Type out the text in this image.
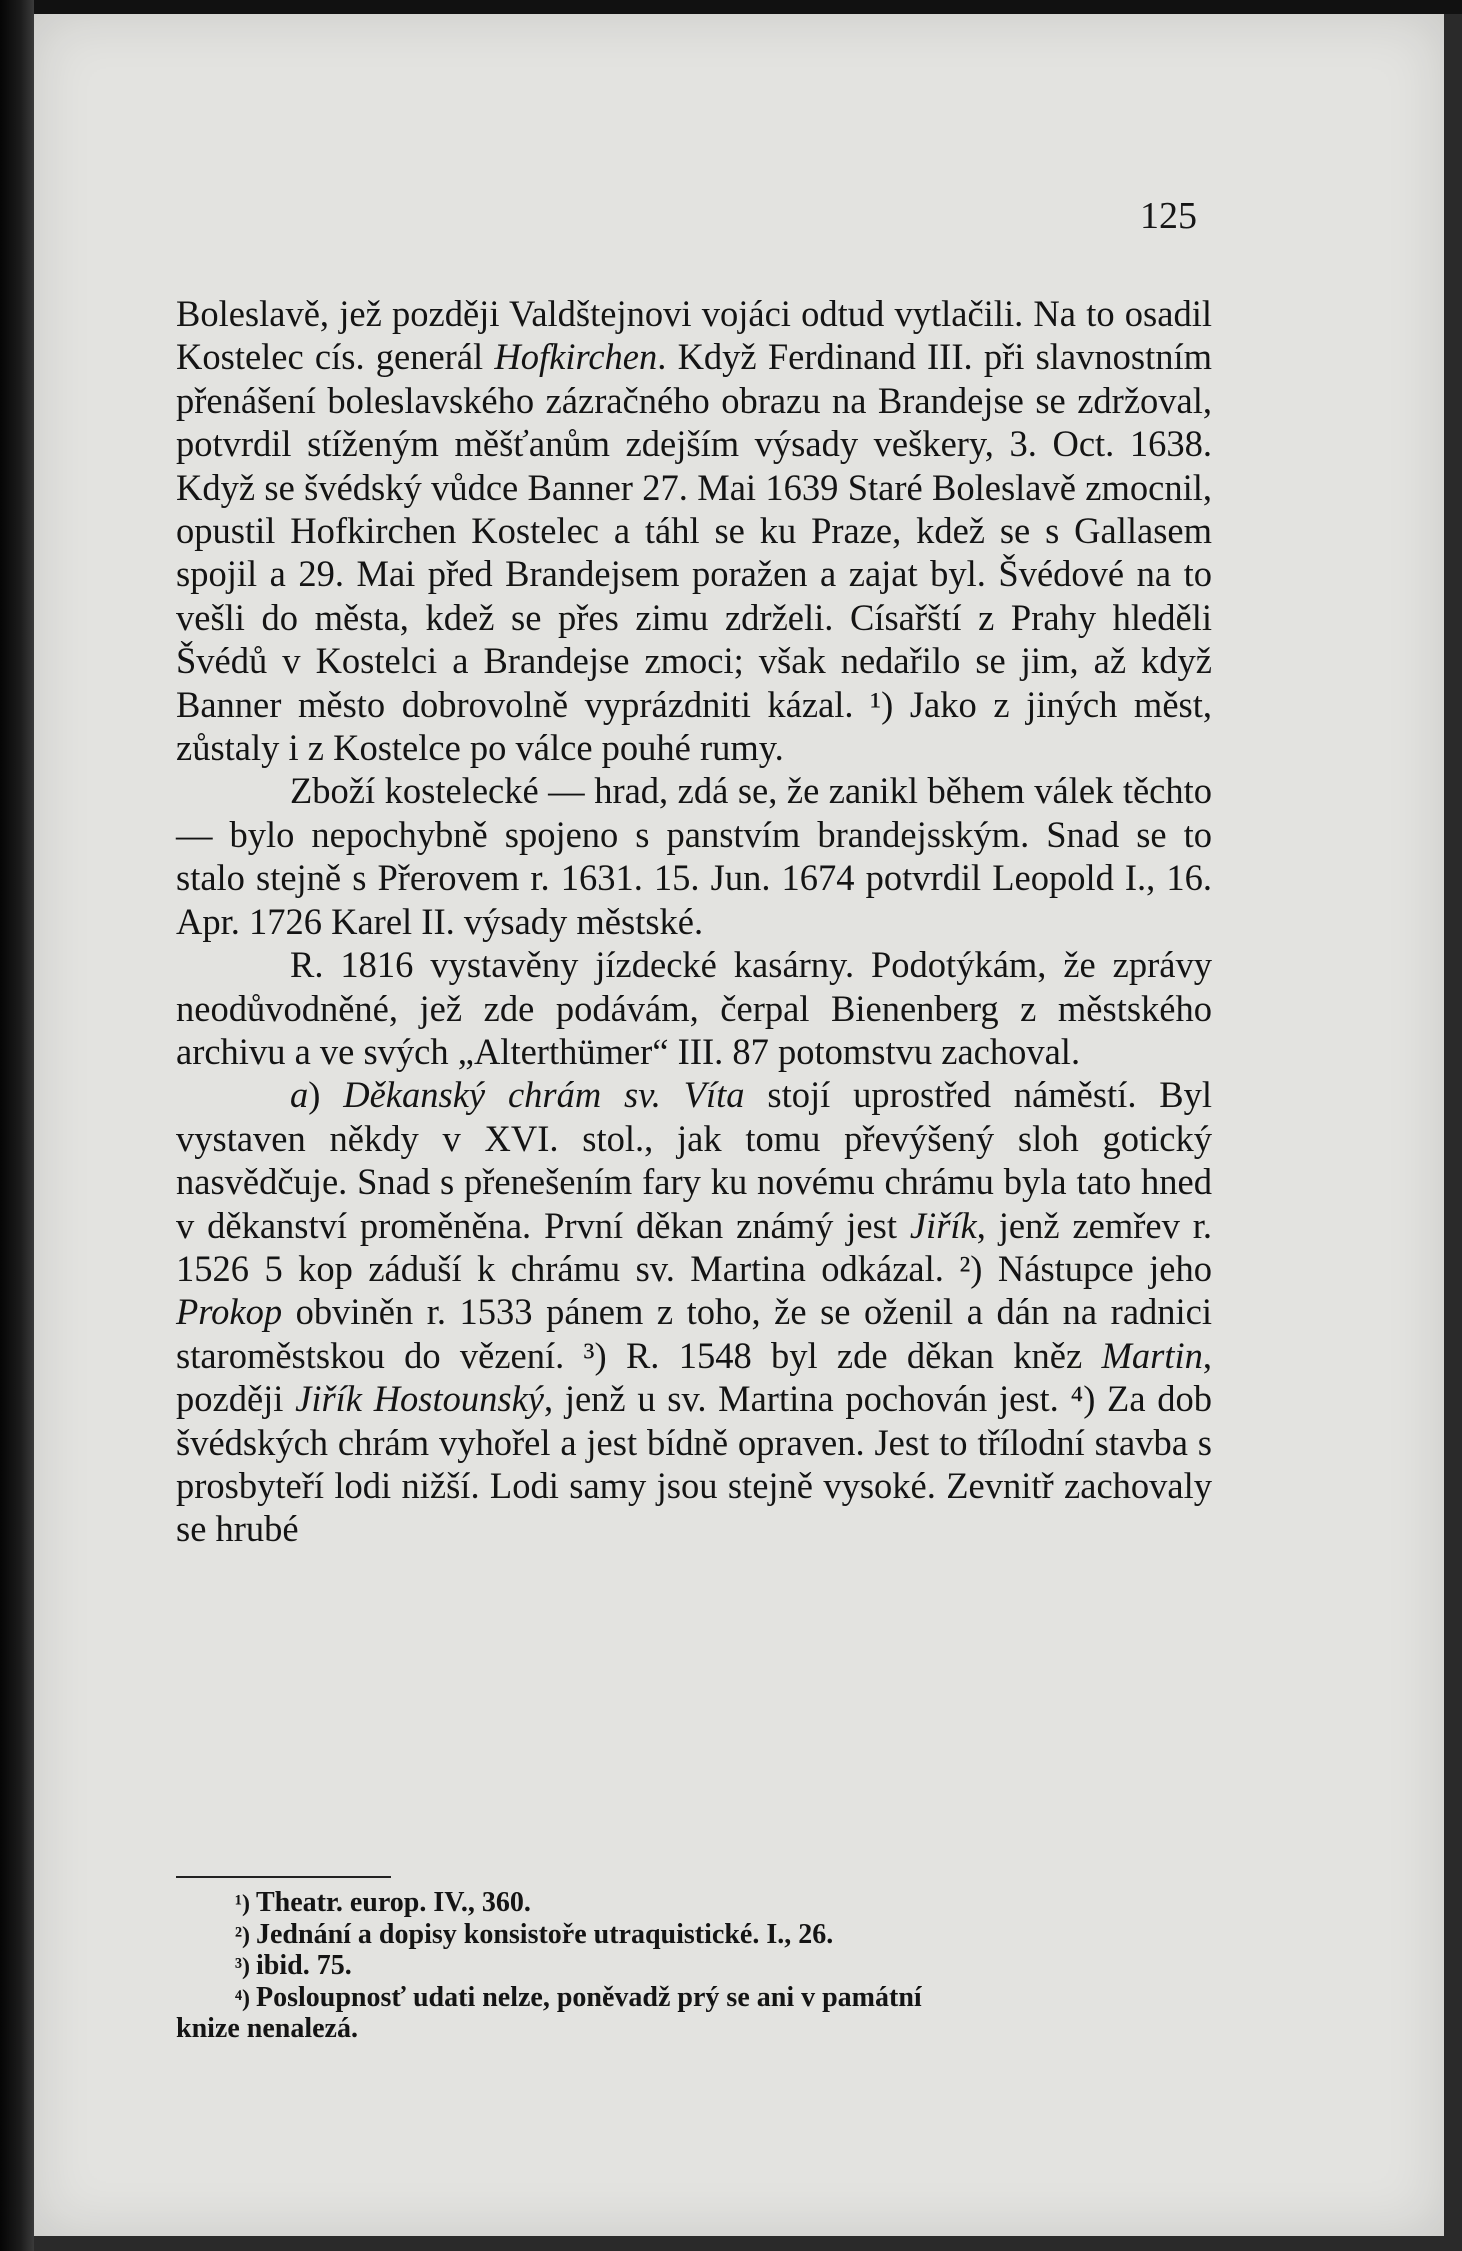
125

Boleslavě, jež později Valdštejnovi vojáci odtud vytlačili. Na to osadil Kostelec cís. generál Hofkirchen. Když Ferdinand III. při slavnostním přenášení boleslavského zázračného obrazu na Brandejse se zdržoval, potvrdil stíženým měšťanům zdejším výsady veškery, 3. Oct. 1638. Když se švédský vůdce Banner 27. Mai 1639 Staré Boleslavě zmocnil, opustil Hofkirchen Kostelec a táhl se ku Praze, kdež se s Gallasem spojil a 29. Mai před Brandejsem poražen a zajat byl. Švédové na to vešli do města, kdež se přes zimu zdrželi. Císařští z Prahy hleděli Švédů v Kostelci a Brandejse zmoci; však nedařilo se jim, až když Banner město dobrovolně vyprázdniti kázal. ¹) Jako z jiných měst, zůstaly i z Kostelce po válce pouhé rumy.

Zboží kostelecké — hrad, zdá se, že zanikl během válek těchto — bylo nepochybně spojeno s panstvím brandejsským. Snad se to stalo stejně s Přerovem r. 1631. 15. Jun. 1674 potvrdil Leopold I., 16. Apr. 1726 Karel II. výsady městské.

R. 1816 vystavěny jízdecké kasárny. Podotýkám, že zprávy neodůvodněné, jež zde podávám, čerpal Bienenberg z městského archivu a ve svých „Alterthümer“ III. 87 potomstvu zachoval.

a) Děkanský chrám sv. Víta stojí uprostřed náměstí. Byl vystaven někdy v XVI. stol., jak tomu převýšený sloh gotický nasvědčuje. Snad s přenešením fary ku novému chrámu byla tato hned v děkanství proměněna. První děkan známý jest Jiřík, jenž zemřev r. 1526 5 kop záduší k chrámu sv. Martina odkázal. ²) Nástupce jeho Prokop obviněn r. 1533 pánem z toho, že se oženil a dán na radnici staroměstskou do vězení. ³) R. 1548 byl zde děkan kněz Martin, později Jiřík Hostounský, jenž u sv. Martina pochován jest. ⁴) Za dob švédských chrám vyhořel a jest bídně opraven. Jest to třílodní stavba s prosbyteří lodi nižší. Lodi samy jsou stejně vysoké. Zevnitř zachovaly se hrubé

¹) Theatr. europ. IV., 360.
²) Jednání a dopisy konsistoře utraquistické. I., 26.
³) ibid. 75.
⁴) Posloupnosť udati nelze, poněvadž prý se ani v památní
knize nenalezá.
